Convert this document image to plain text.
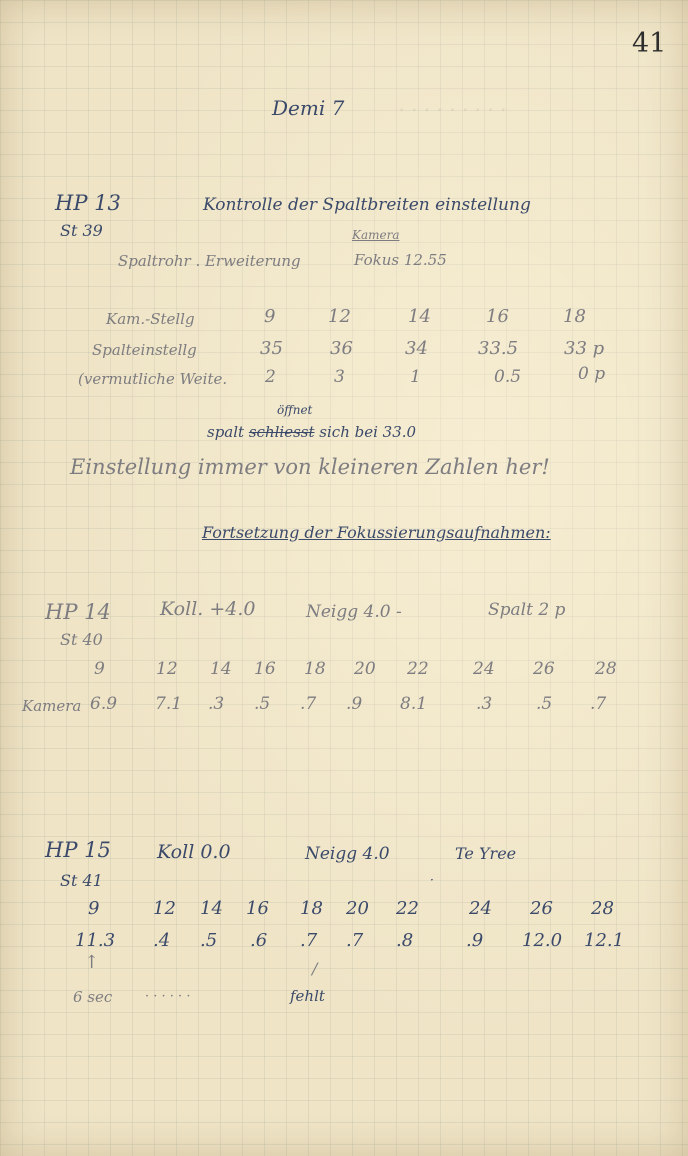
· · · · · · · · ·
41
Demi 7
HP 13
St 39
Kontrolle der Spaltbreiten einstellung
Spaltrohr . Erweiterung
Kamera
Fokus 12.55
Kam.-Stellg	9	12	14	16	18
Spalteinstellg	35	36	34	33.5	33 p
(vermutliche Weite. 2	3	1	0.5	0 p
öffnet
spalt schliesst sich bei 33.0
Einstellung immer von kleineren Zahlen her!
Fortsetzung der Fokussierungsaufnahmen:
HP 14
St 40
Koll. +4.0	Neigg 4.0 -	Spalt 2 p
9	12 14 16 18 20 22	24 26 28
Kamera 6.9 7.1 .3 .5 .7 .9 8.1	.3	.5 .7
HP 15
St 41
Koll 0.0	Neigg 4.0	Te Yree
·
9	12 14 16 18 20 22	24 26 28
11.3 .4 .5 .6 .7 .7 .8	.9 12.0 12.1
↑	/
6 sec	· · · · · ·	fehlt
